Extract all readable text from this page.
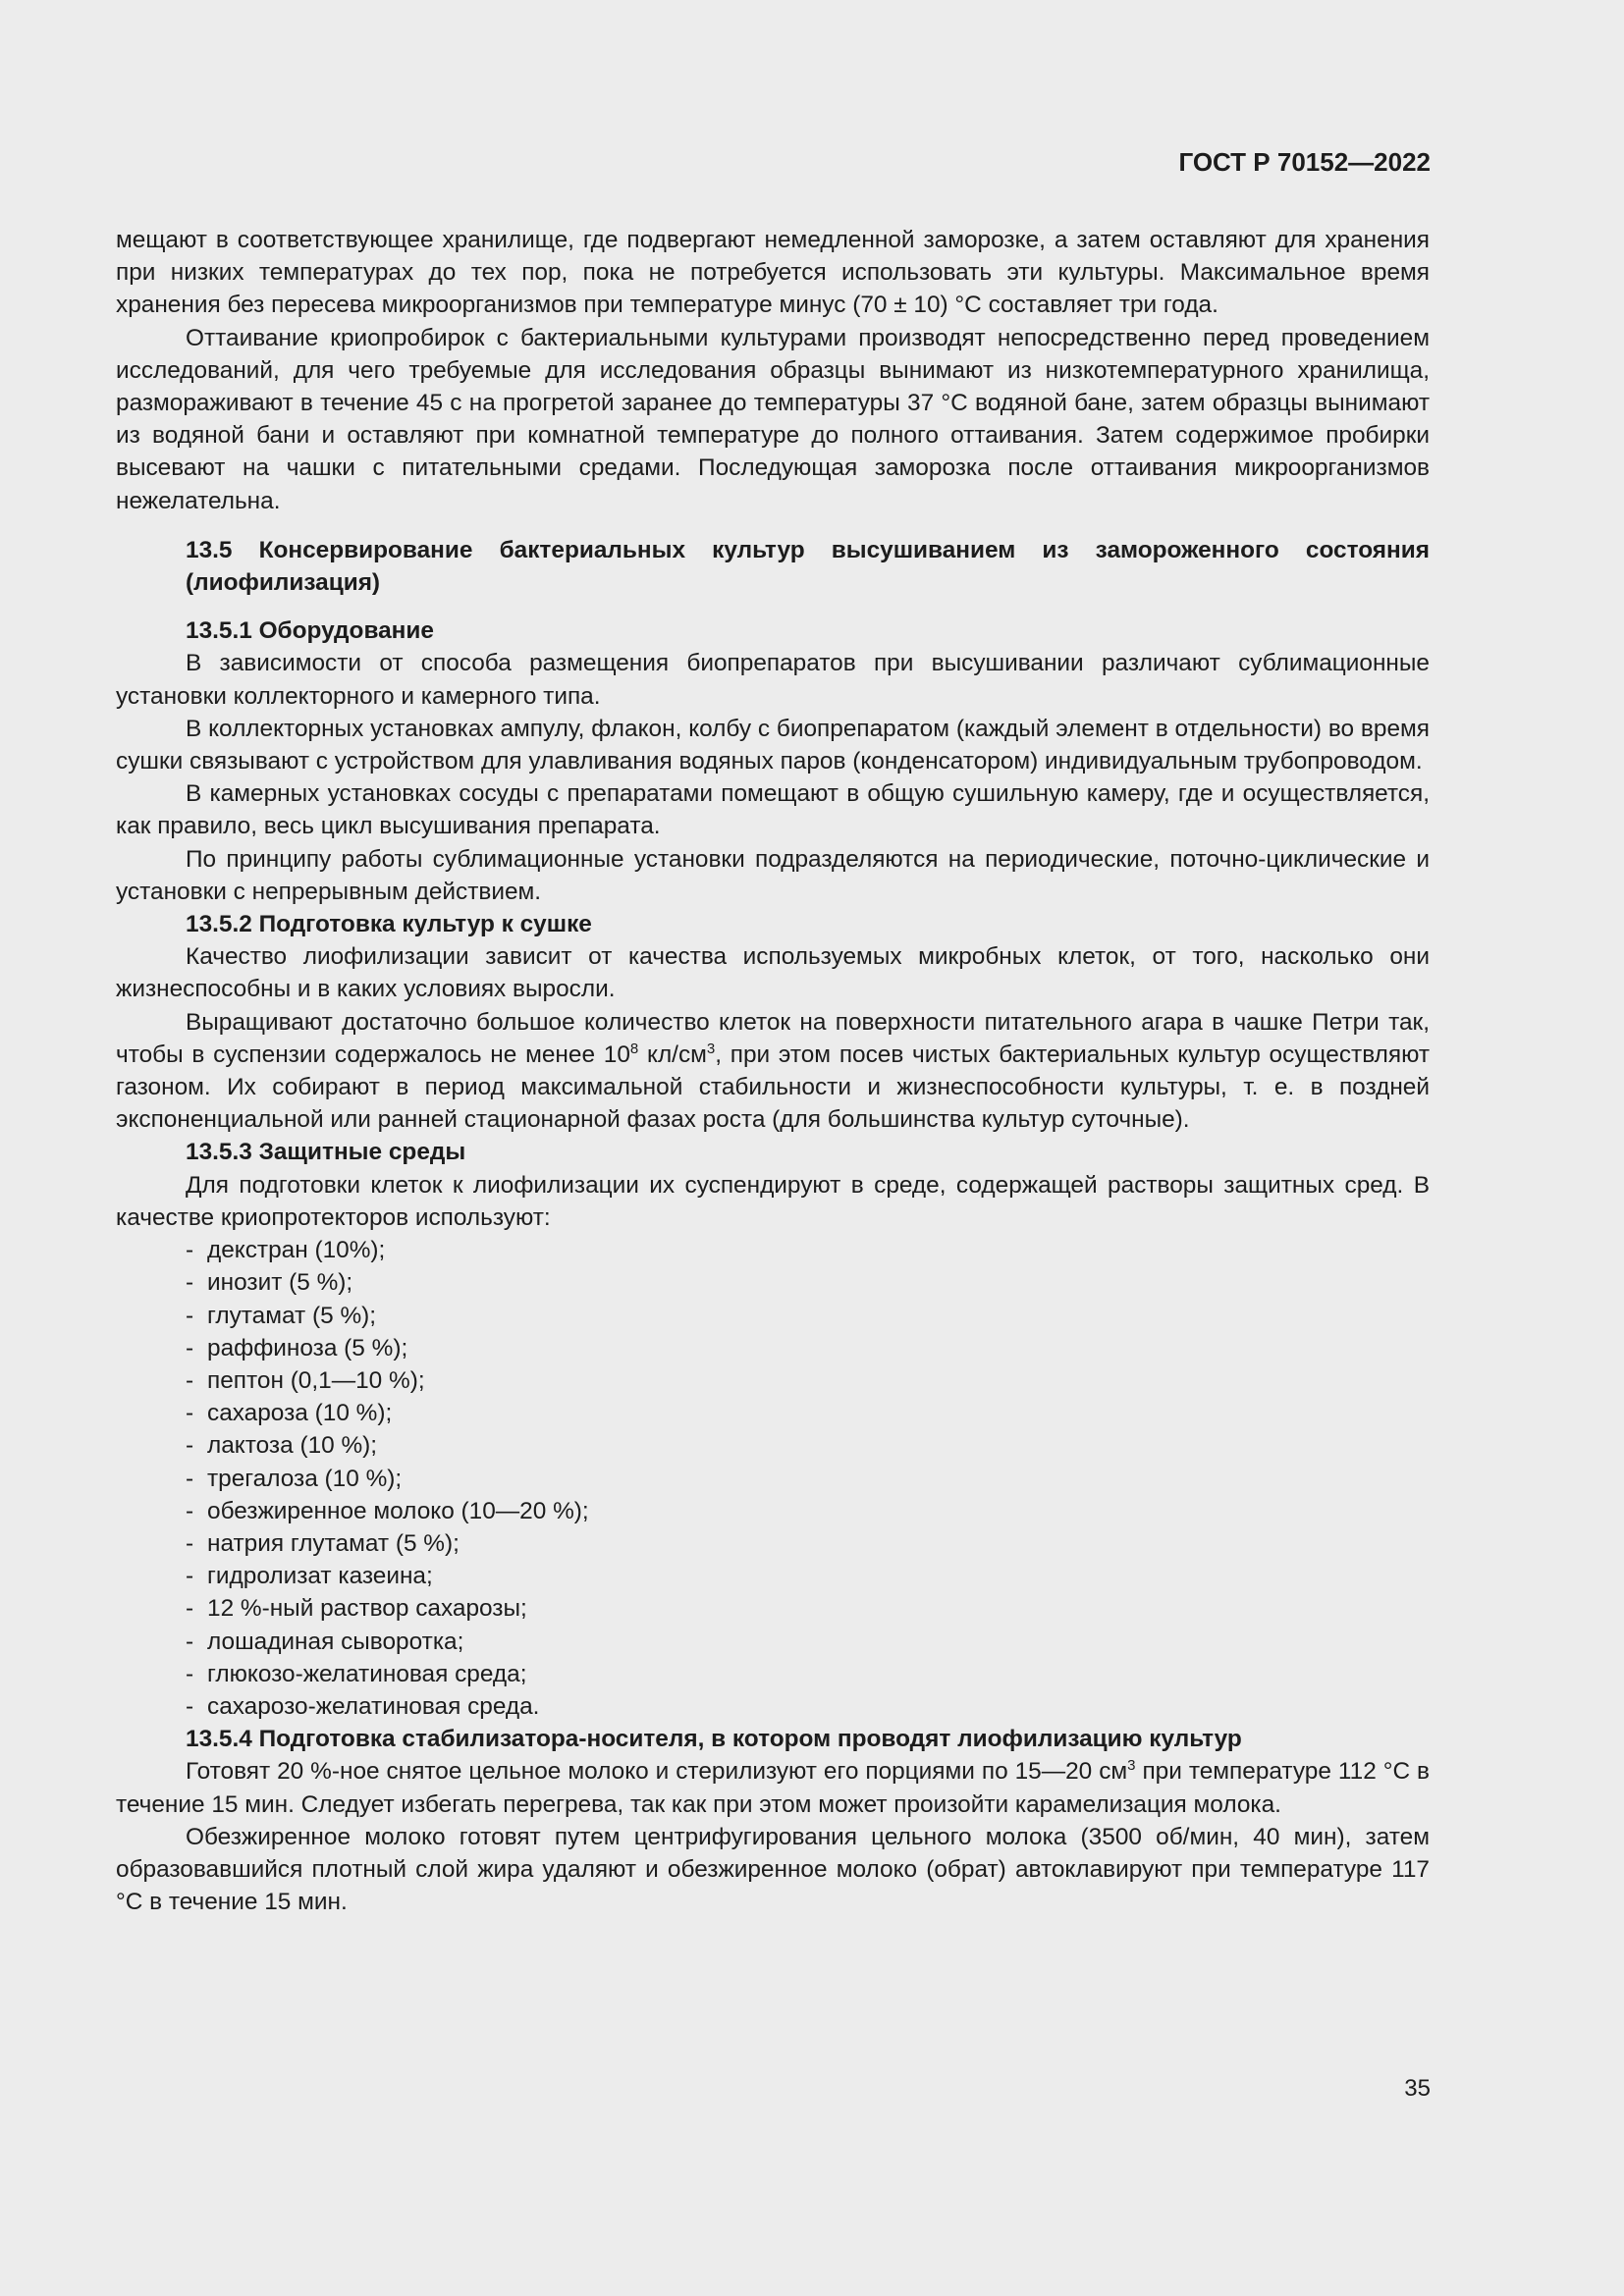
ГОСТ Р 70152—2022

мещают в соответствующее хранилище, где подвергают немедленной заморозке, а затем оставляют для хранения при низких температурах до тех пор, пока не потребуется использовать эти культуры. Максимальное время хранения без пересева микроорганизмов при температуре минус (70 ± 10) °С составляет три года.

Оттаивание криопробирок с бактериальными культурами производят непосредственно перед проведением исследований, для чего требуемые для исследования образцы вынимают из низкотемпературного хранилища, размораживают в течение 45 с на прогретой заранее до температуры 37 °С водяной бане, затем образцы вынимают из водяной бани и оставляют при комнатной температуре до полного оттаивания. Затем содержимое пробирки высевают на чашки с питательными средами. Последующая заморозка после оттаивания микроорганизмов нежелательна.

13.5 Консервирование бактериальных культур высушиванием из замороженного состояния (лиофилизация)

13.5.1 Оборудование

В зависимости от способа размещения биопрепаратов при высушивании различают сублимационные установки коллекторного и камерного типа.

В коллекторных установках ампулу, флакон, колбу с биопрепаратом (каждый элемент в отдельности) во время сушки связывают с устройством для улавливания водяных паров (конденсатором) индивидуальным трубопроводом.

В камерных установках сосуды с препаратами помещают в общую сушильную камеру, где и осуществляется, как правило, весь цикл высушивания препарата.

По принципу работы сублимационные установки подразделяются на периодические, поточно-циклические и установки с непрерывным действием.

13.5.2 Подготовка культур к сушке

Качество лиофилизации зависит от качества используемых микробных клеток, от того, насколько они жизнеспособны и в каких условиях выросли.

Выращивают достаточно большое количество клеток на поверхности питательного агара в чашке Петри так, чтобы в суспензии содержалось не менее $10^8$ $кл/см^3$, при этом посев чистых бактериальных культур осуществляют газоном. Их собирают в период максимальной стабильности и жизнеспособности культуры, т. е. в поздней экспоненциальной или ранней стационарной фазах роста (для большинства культур суточные).

13.5.3 Защитные среды

Для подготовки клеток к лиофилизации их суспендируют в среде, содержащей растворы защитных сред. В качестве криопротекторов используют:

- декстран (10%);
- инозит (5 %);
- глутамат (5 %);
- раффиноза (5 %);
- пептон (0,1—10 %);
- сахароза (10 %);
- лактоза (10 %);
- трегалоза (10 %);
- обезжиренное молоко (10—20 %);
- натрия глутамат (5 %);
- гидролизат казеина;
- 12 %-ный раствор сахарозы;
- лошадиная сыворотка;
- глюкозо-желатиновая среда;
- сахарозо-желатиновая среда.

13.5.4 Подготовка стабилизатора-носителя, в котором проводят лиофилизацию культур

Готовят 20 %-ное снятое цельное молоко и стерилизуют его порциями по 15—20 $см^3$ при температуре 112 °С в течение 15 мин. Следует избегать перегрева, так как при этом может произойти карамелизация молока.

Обезжиренное молоко готовят путем центрифугирования цельного молока (3500 об/мин, 40 мин), затем образовавшийся плотный слой жира удаляют и обезжиренное молоко (обрат) автоклавируют при температуре 117 °С в течение 15 мин.

35
